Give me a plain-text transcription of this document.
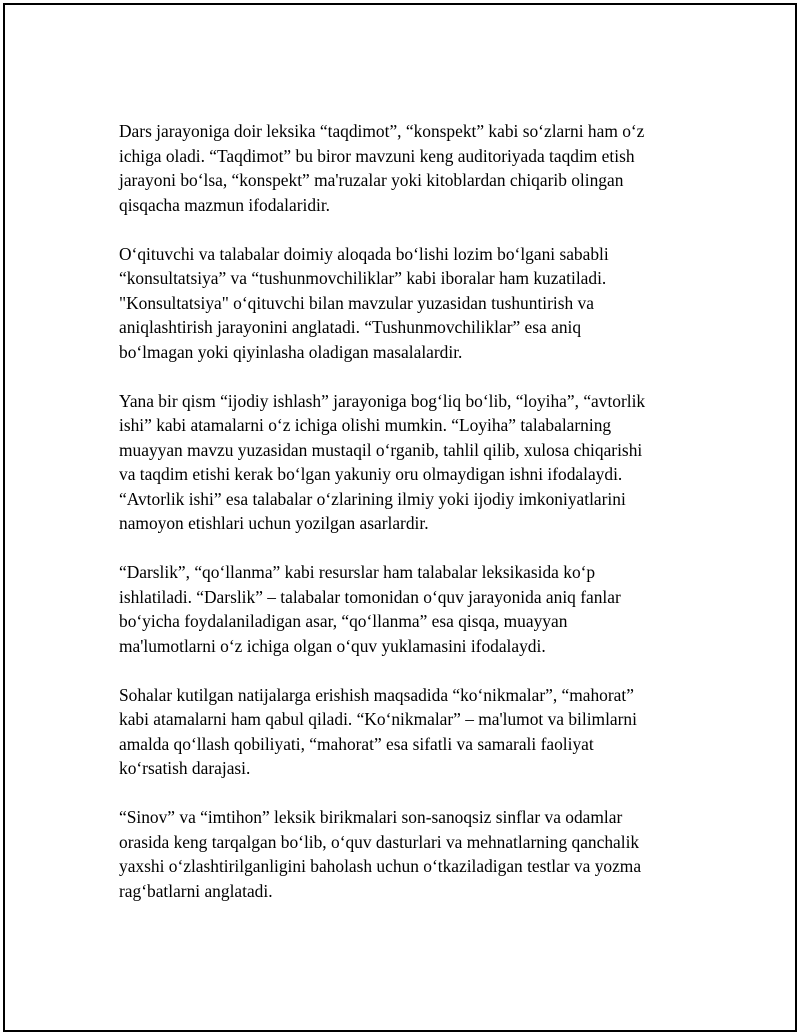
Dars jarayoniga doir leksika “taqdimot”, “konspekt” kabi so‘zlarni ham o‘z
ichiga oladi. “Taqdimot” bu biror mavzuni keng auditoriyada taqdim etish
jarayoni bo‘lsa, “konspekt” ma'ruzalar yoki kitoblardan chiqarib olingan
qisqacha mazmun ifodalaridir.

O‘qituvchi va talabalar doimiy aloqada bo‘lishi lozim bo‘lgani sababli
“konsultatsiya” va “tushunmovchiliklar” kabi iboralar ham kuzatiladi.
"Konsultatsiya" o‘qituvchi bilan mavzular yuzasidan tushuntirish va
aniqlashtirish jarayonini anglatadi. “Tushunmovchiliklar” esa aniq
bo‘lmagan yoki qiyinlasha oladigan masalalardir.

Yana bir qism “ijodiy ishlash” jarayoniga bog‘liq bo‘lib, “loyiha”, “avtorlik
ishi” kabi atamalarni o‘z ichiga olishi mumkin. “Loyiha” talabalarning
muayyan mavzu yuzasidan mustaqil o‘rganib, tahlil qilib, xulosa chiqarishi
va taqdim etishi kerak bo‘lgan yakuniy oru olmaydigan ishni ifodalaydi.
“Avtorlik ishi” esa talabalar o‘zlarining ilmiy yoki ijodiy imkoniyatlarini
namoyon etishlari uchun yozilgan asarlardir.

“Darslik”, “qo‘llanma” kabi resurslar ham talabalar leksikasida ko‘p
ishlatiladi. “Darslik” – talabalar tomonidan o‘quv jarayonida aniq fanlar
bo‘yicha foydalaniladigan asar, “qo‘llanma” esa qisqa, muayyan
ma'lumotlarni o‘z ichiga olgan o‘quv yuklamasini ifodalaydi.

Sohalar kutilgan natijalarga erishish maqsadida “ko‘nikmalar”, “mahorat”
kabi atamalarni ham qabul qiladi. “Ko‘nikmalar” – ma'lumot va bilimlarni
amalda qo‘llash qobiliyati, “mahorat” esa sifatli va samarali faoliyat
ko‘rsatish darajasi.

“Sinov” va “imtihon” leksik birikmalari son-sanoqsiz sinflar va odamlar
orasida keng tarqalgan bo‘lib, o‘quv dasturlari va mehnatlarning qanchalik
yaxshi o‘zlashtirilganligini baholash uchun o‘tkaziladigan testlar va yozma
rag‘batlarni anglatadi.
